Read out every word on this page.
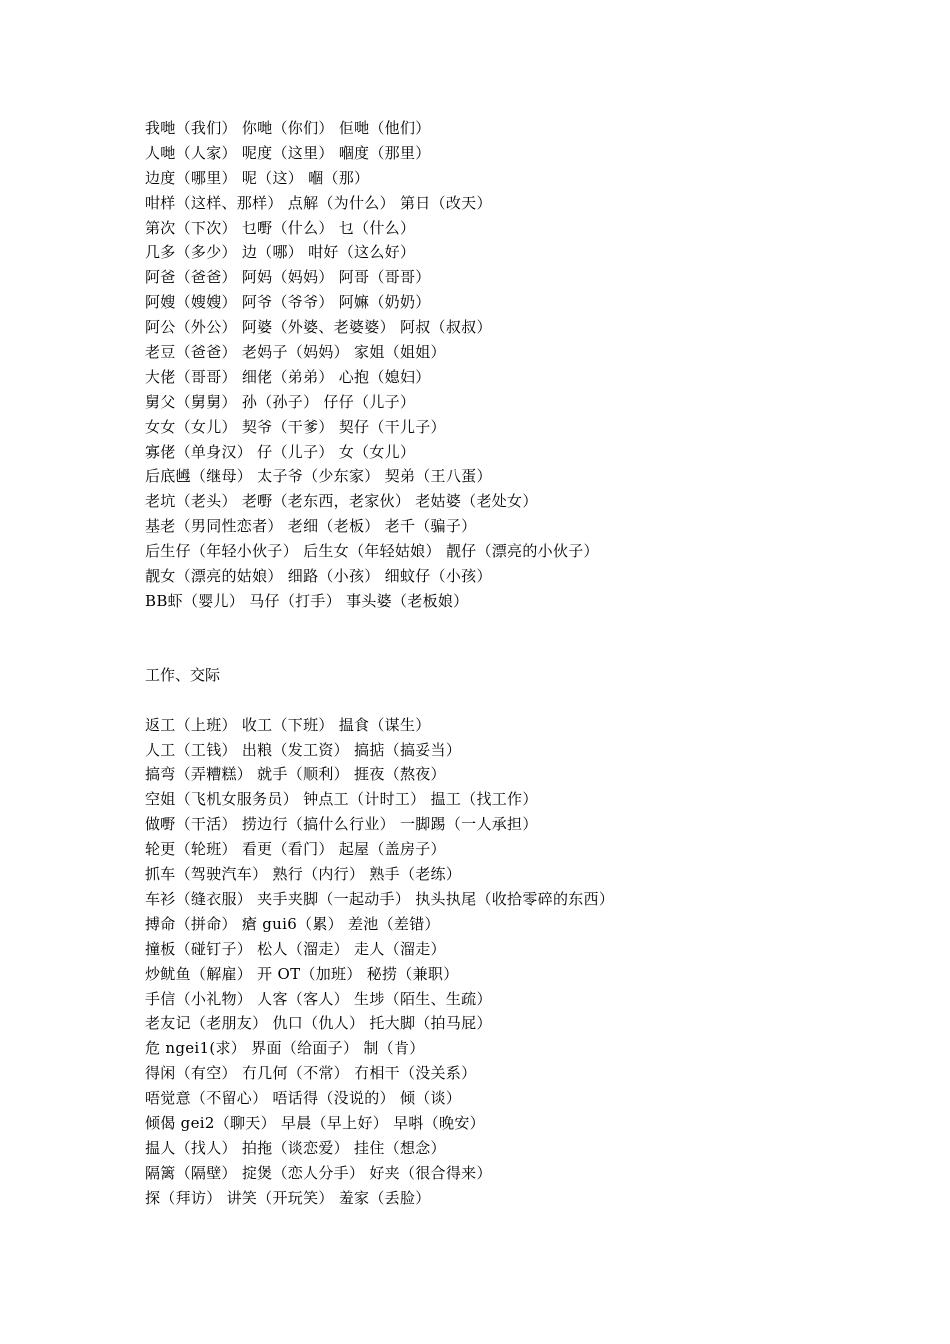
我哋（我们） 你哋（你们） 佢哋（他们）
人哋（人家） 呢度（这里） 嗰度（那里）
边度（哪里） 呢（这） 嗰（那）
咁样（这样、那样） 点解（为什么） 第日（改天）
第次（下次） 乜嘢（什么） 乜（什么）
几多（多少） 边（哪） 咁好（这么好）
阿爸（爸爸） 阿妈（妈妈） 阿哥（哥哥）
阿嫂（嫂嫂） 阿爷（爷爷） 阿嫲（奶奶）
阿公（外公） 阿婆（外婆、老婆婆） 阿叔（叔叔）
老豆（爸爸） 老妈子（妈妈） 家姐（姐姐）
大佬（哥哥） 细佬（弟弟） 心抱（媳妇）
舅父（舅舅） 孙（孙子） 仔仔（儿子）
女女（女儿） 契爷（干爹） 契仔（干儿子）
寡佬（单身汉） 仔（儿子） 女（女儿）
后底乸（继母） 太子爷（少东家） 契弟（王八蛋）
老坑（老头） 老嘢（老东西，老家伙） 老姑婆（老处女）
基老（男同性恋者） 老细（老板） 老千（骗子）
后生仔（年轻小伙子） 后生女（年轻姑娘） 靓仔（漂亮的小伙子）
靓女（漂亮的姑娘） 细路（小孩） 细蚊仔（小孩）
BB虾（婴儿） 马仔（打手） 事头婆（老板娘）
工作、交际
返工（上班） 收工（下班） 揾食（谋生）
人工（工钱） 出粮（发工资） 搞掂（搞妥当）
搞弯（弄糟糕） 就手（顺利） 捱夜（熬夜）
空姐（飞机女服务员） 钟点工（计时工） 揾工（找工作）
做嘢（干活） 捞边行（搞什么行业） 一脚踢（一人承担）
轮更（轮班） 看更（看门） 起屋（盖房子）
抓车（驾驶汽车） 熟行（内行） 熟手（老练）
车衫（缝衣服） 夹手夹脚（一起动手） 执头执尾（收拾零碎的东西）
搏命（拼命） 瘡 gui6（累） 差池（差错）
撞板（碰钉子） 松人（溜走） 走人（溜走）
炒鱿鱼（解雇） 开 OT（加班） 秘捞（兼职）
手信（小礼物） 人客（客人） 生埗（陌生、生疏）
老友记（老朋友） 仇口（仇人） 托大脚（拍马屁）
危 ngei1(求） 界面（给面子） 制（肯）
得闲（有空） 冇几何（不常） 冇相干（没关系）
唔觉意（不留心） 唔话得（没说的） 倾（谈）
倾偈 gei2（聊天） 早晨（早上好） 早唞（晚安）
揾人（找人） 拍拖（谈恋爱） 挂住（想念）
隔篱（隔壁） 掟煲（恋人分手） 好夹（很合得来）
探（拜访） 讲笑（开玩笑） 羞家（丢脸）
